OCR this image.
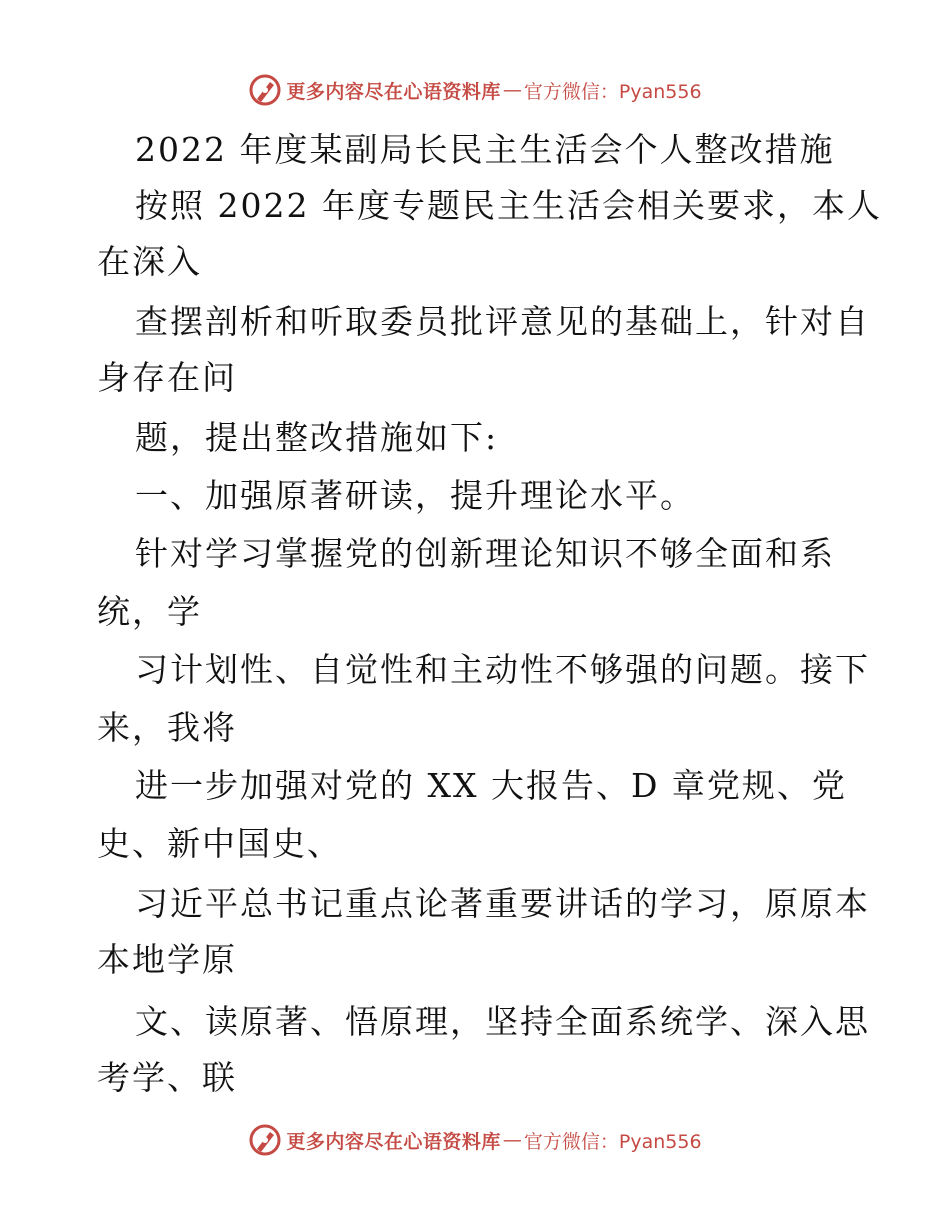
更多内容尽在心语资料库 — 官方微信：Pyan556
2022 年度某副局长民主生活会个人整改措施
按照 2022 年度专题民主生活会相关要求，本人
在深入
查摆剖析和听取委员批评意见的基础上，针对自
身存在问
题，提出整改措施如下:
一、加强原著研读，提升理论水平。
针对学习掌握党的创新理论知识不够全面和系
统，学
习计划性、自觉性和主动性不够强的问题。接下
来，我将
进一步加强对党的 XX 大报告、D 章党规、党
史、新中国史、
习近平总书记重点论著重要讲话的学习，原原本
本地学原
文、读原著、悟原理，坚持全面系统学、深入思
考学、联
更多内容尽在心语资料库 — 官方微信：Pyan556
